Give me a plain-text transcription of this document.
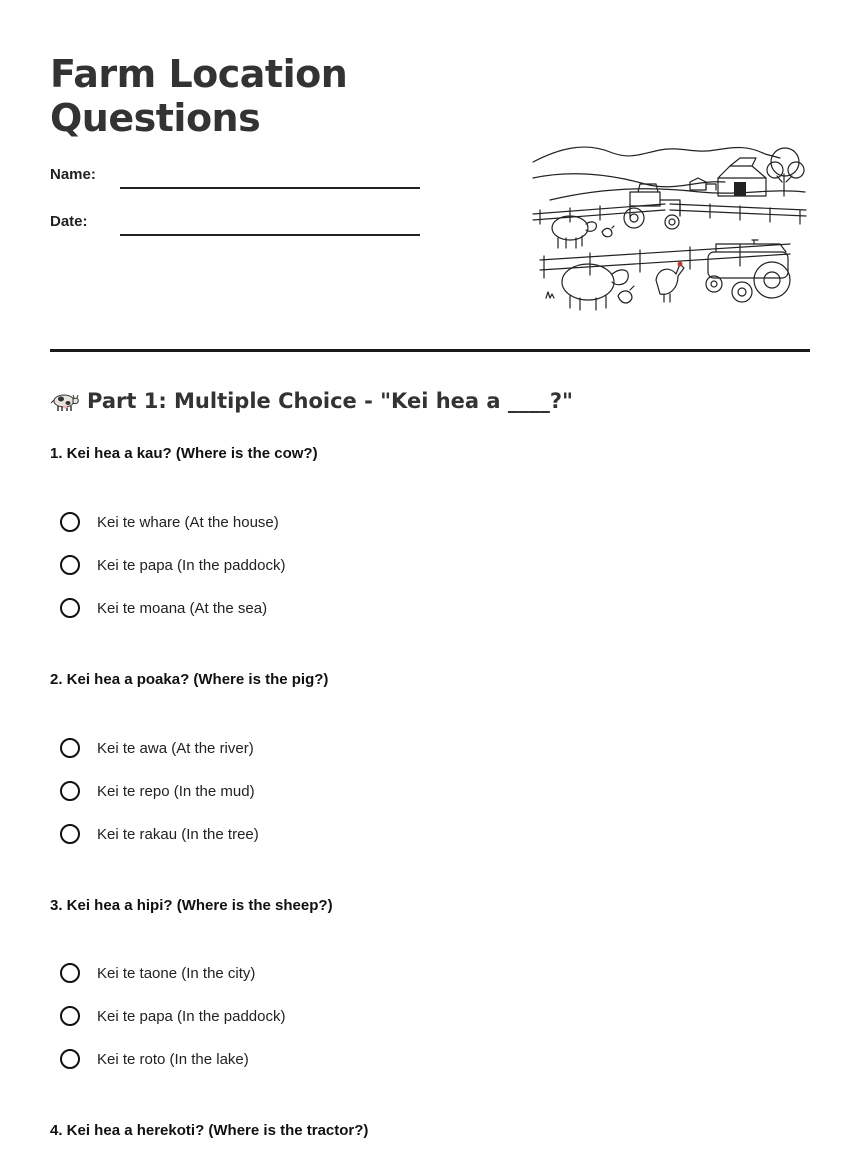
Farm Location
Questions
Name:
Date:
Part 1: Multiple Choice - "Kei hea a ____?"
1. Kei hea a kau? (Where is the cow?)
Kei te whare (At the house)
Kei te papa (In the paddock)
Kei te moana (At the sea)
2. Kei hea a poaka? (Where is the pig?)
Kei te awa (At the river)
Kei te repo (In the mud)
Kei te rakau (In the tree)
3. Kei hea a hipi? (Where is the sheep?)
Kei te taone (In the city)
Kei te papa (In the paddock)
Kei te roto (In the lake)
4. Kei hea a herekoti? (Where is the tractor?)
